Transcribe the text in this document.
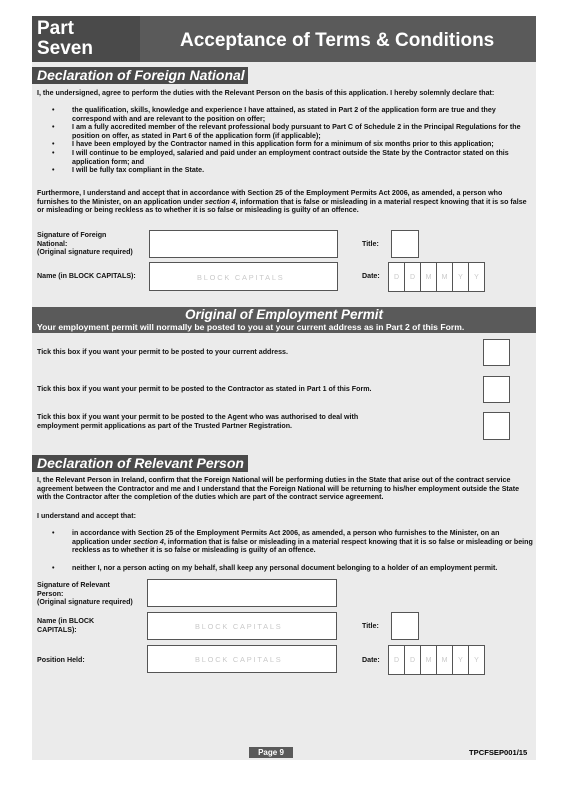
Part
Seven	Acceptance of Terms & Conditions
Declaration of Foreign National
I, the undersigned, agree to perform the duties with the Relevant Person on the basis of this application. I hereby solemnly declare that:
• the qualification, skills, knowledge and experience I have attained, as stated in Part 2 of the application form are true and they correspond with and are relevant to the position on offer;
• I am a fully accredited member of the relevant professional body pursuant to Part C of Schedule 2 in the Principal Regulations for the position on offer, as stated in Part 6 of the application form (if applicable);
• I have been employed by the Contractor named in this application form for a minimum of six months prior to this application;
• I will continue to be employed, salaried and paid under an employment contract outside the State by the Contractor stated on this application form; and
• I will be fully tax compliant in the State.
Furthermore, I understand and accept that in accordance with Section 25 of the Employment Permits Act 2006, as amended, a person who furnishes to the Minister, on an application under section 4, information that is false or misleading in a material respect knowing that it is so false or misleading or being reckless as to whether it is so false or misleading is guilty of an offence.
Signature of Foreign
National:
(Original signature required)
Title:
Name (in BLOCK CAPITALS):	BLOCK CAPITALS	Date:	D	D	M	M	Y	Y
Original of Employment Permit
Your employment permit will normally be posted to you at your current address as in Part 2 of this Form.
Tick this box if you want your permit to be posted to your current address.
Tick this box if you want your permit to be posted to the Contractor as stated in Part 1 of this Form.
Tick this box if you want your permit to be posted to the Agent who was authorised to deal with employment permit applications as part of the Trusted Partner Registration.
Declaration of Relevant Person
I, the Relevant Person in Ireland, confirm that the Foreign National will be performing duties in the State that arise out of the contract service agreement between the Contractor and me and I understand that the Foreign National will be returning to his/her employment outside the State with the Contractor after the completion of the duties which are part of the contract service agreement.
I understand and accept that:
• in accordance with Section 25 of the Employment Permits Act 2006, as amended, a person who furnishes to the Minister, on an application under section 4, information that is false or misleading in a material respect knowing that it is so false or misleading or being reckless as to whether it is so false or misleading is guilty of an offence.
• neither I, nor a person acting on my behalf, shall keep any personal document belonging to a holder of an employment permit.
Signature of Relevant
Person:
(Original signature required)
Name (in BLOCK
CAPITALS):	BLOCK CAPITALS	Title:
Position Held:	BLOCK CAPITALS	Date:	D	D	M	M	Y	Y
Page 9	TPCFSEP001/15
